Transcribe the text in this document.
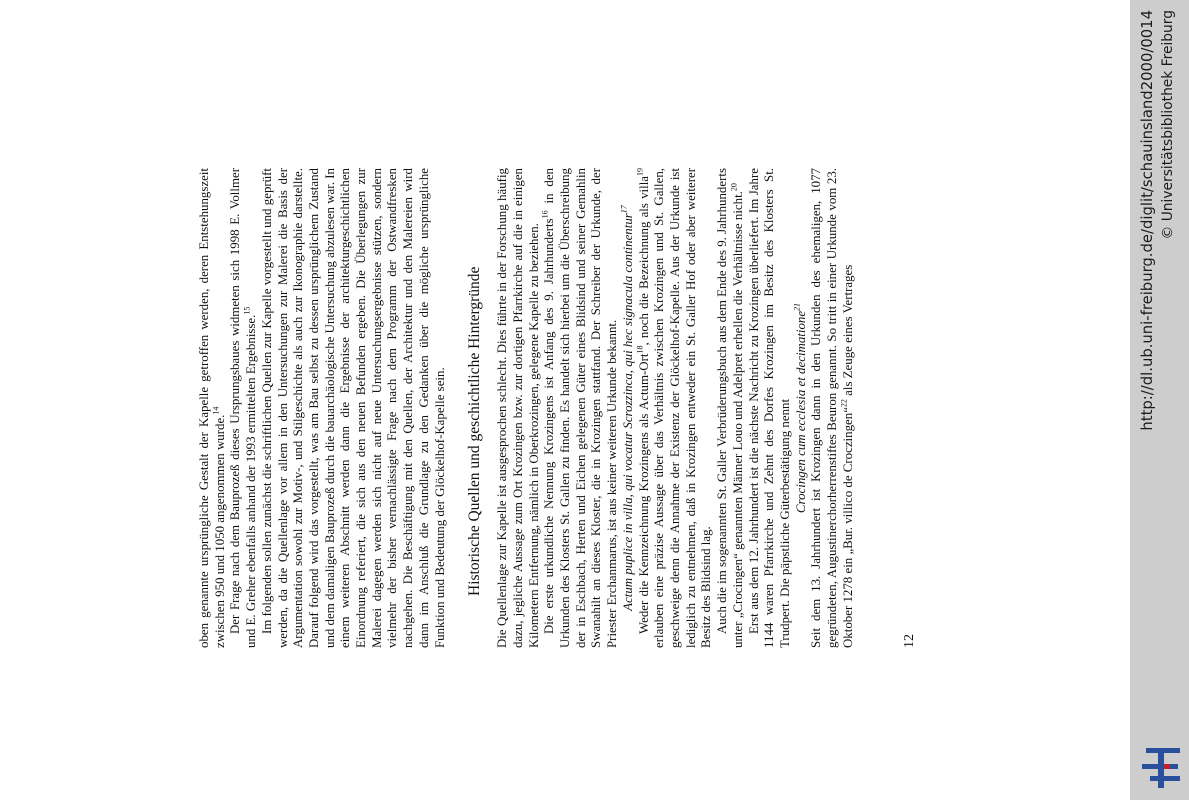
oben genannte ursprüngliche Gestalt der Kapelle getroffen werden, deren Entstehungszeit zwischen 950 und 1050 angenommen wurde.$^{14}$ Der Frage nach dem Bauprozeß dieses Ursprungsbaues widmeten sich 1998 E. Vollmer und E. Greher ebenfalls anhand der 1993 ermittelten Ergebnisse.$^{15}$ Im folgenden sollen zunächst die schriftlichen Quellen zur Kapelle vorgestellt und geprüft werden, da die Quellenlage vor allem in den Untersuchungen zur Malerei die Basis der Argumentation sowohl zur Motiv-, und Stilgeschichte als auch zur Ikonographie darstellte. Darauf folgend wird das vorgestellt, was am Bau selbst zu dessen ursprünglichem Zustand und dem damaligen Bauprozeß durch die bauarchäologische Untersuchung abzulesen war. In einem weiteren Abschnitt werden dann die Ergebnisse der architekturgeschichtlichen Einordnung referiert, die sich aus den neuen Befunden ergeben. Die Überlegungen zur Malerei dagegen werden sich nicht auf neue Untersuchungsergebnisse stützen, sondern vielmehr der bisher vernachlässigte Frage nach dem Programm der Ostwandfresken nachgehen. Die Beschäftigung mit den Quellen, der Architektur und den Malereien wird dann im Anschluß die Grundlage zu den Gedanken über die mögliche ursprüngliche Funktion und Bedeutung der Glöckelhof-Kapelle sein. Historische Quellen und geschichtliche Hintergründe Die Quellenlage zur Kapelle ist ausgesprochen schlecht. Dies führte in der Forschung häufig dazu, jegliche Aussage zum Ort Krozingen bzw. zur dortigen Pfarrkirche auf die in einigen Kilometern Entfernung, nämlich in Oberkrozingen, gelegene Kapelle zu beziehen. Die erste urkundliche Nennung Krozingens ist Anfang des 9. Jahrhunderts$^{16}$ in den Urkunden des Klosters St. Gallen zu finden. Es handelt sich hierbei um die Überschreibung der in Eschbach, Herten und Eichen gelegenen Güter eines Blidsind und seiner Gemahlin Swanahilt an dieses Kloster, die in Krozingen stattfand. Der Schreiber der Urkunde, der Priester Erchanmarus, ist aus keiner weiteren Urkunde bekannt. Actum puplice in villa, qui vocatur Scrozzinca, qui hec signacula continentur$^{17}$

Weder die Kennzeichnung Krozingens als Actum-Ort$^{18}$, noch die Bezeichnung als villa$^{19}$ erlauben eine präzise Aussage über das Verhältnis zwischen Krozingen und St. Gallen, geschweige denn die Annahme der Existenz der Glöckelhof-Kapelle. Aus der Urkunde ist lediglich zu entnehmen, daß in Krozingen entweder ein St. Galler Hof oder aber weiterer Besitz des Blidsind lag. Auch die im sogenannten St. Galler Verbrüderungsbuch aus dem Ende des 9. Jahrhunderts unter „Crocingen“ genannten Männer Louo und Adelpret erhellen die Verhältnisse nicht.$^{20}$ Erst aus dem 12. Jahrhundert ist die nächste Nachricht zu Krozingen überliefert. Im Jahre 1144 waren Pfarrkirche und Zehnt des Dorfes Krozingen im Besitz des Klosters St. Trudpert. Die päpstliche Güterbestätigung nennt Crocingen cum ecclesia et decimatione$^{21}$ Seit dem 13. Jahrhundert ist Krozingen dann in den Urkunden des ehemaligen, 1077 gegründeten, Augustinerchorherrenstiftes Beuron genannt. So tritt in einer Urkunde vom 23. Oktober 1278 ein „Bur. villico de Croczingen“$^{22}$ als Zeuge eines Vertrages

12
http://dl.ub.uni-freiburg.de/diglit/schauinsland2000/0014 © Universitätsbibliothek Freiburg
